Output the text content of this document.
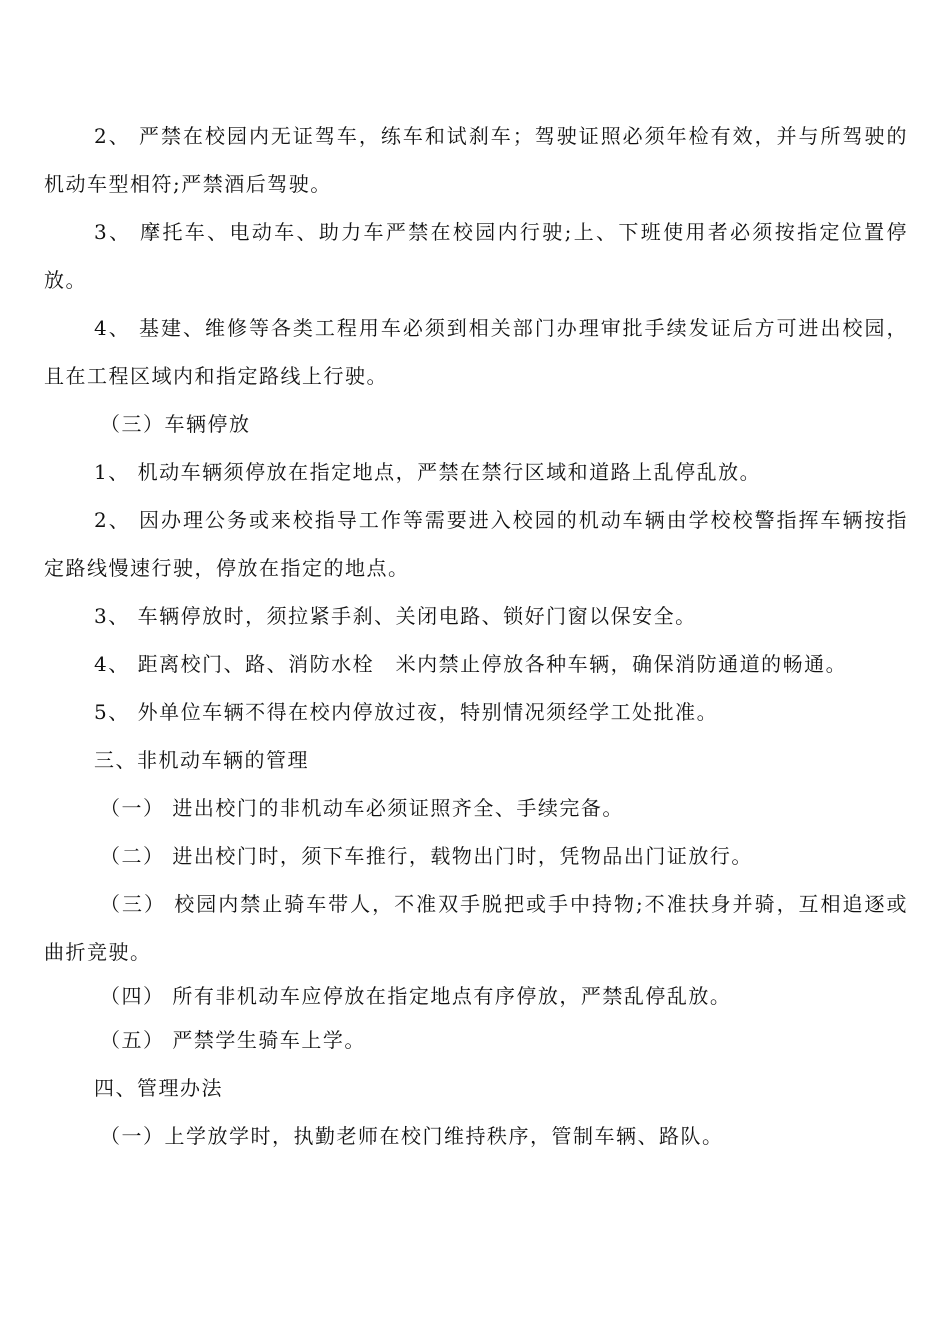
2、 严禁在校园内无证驾车，练车和试刹车；驾驶证照必须年检有效，并与所驾驶的机动车型相符;严禁酒后驾驶。

3、 摩托车、电动车、助力车严禁在校园内行驶;上、下班使用者必须按指定位置停放。

4、 基建、维修等各类工程用车必须到相关部门办理审批手续发证后方可进出校园，且在工程区域内和指定路线上行驶。

（三）车辆停放

1、 机动车辆须停放在指定地点，严禁在禁行区域和道路上乱停乱放。

2、 因办理公务或来校指导工作等需要进入校园的机动车辆由学校校警指挥车辆按指定路线慢速行驶，停放在指定的地点。

3、 车辆停放时，须拉紧手刹、关闭电路、锁好门窗以保安全。

4、 距离校门、路、消防水栓　米内禁止停放各种车辆，确保消防通道的畅通。

5、 外单位车辆不得在校内停放过夜，特别情况须经学工处批准。

三、非机动车辆的管理

（一） 进出校门的非机动车必须证照齐全、手续完备。

（二） 进出校门时，须下车推行，载物出门时，凭物品出门证放行。

（三） 校园内禁止骑车带人，不准双手脱把或手中持物;不准扶身并骑，互相追逐或曲折竞驶。

（四） 所有非机动车应停放在指定地点有序停放，严禁乱停乱放。

（五） 严禁学生骑车上学。

四、管理办法

（一）上学放学时，执勤老师在校门维持秩序，管制车辆、路队。
